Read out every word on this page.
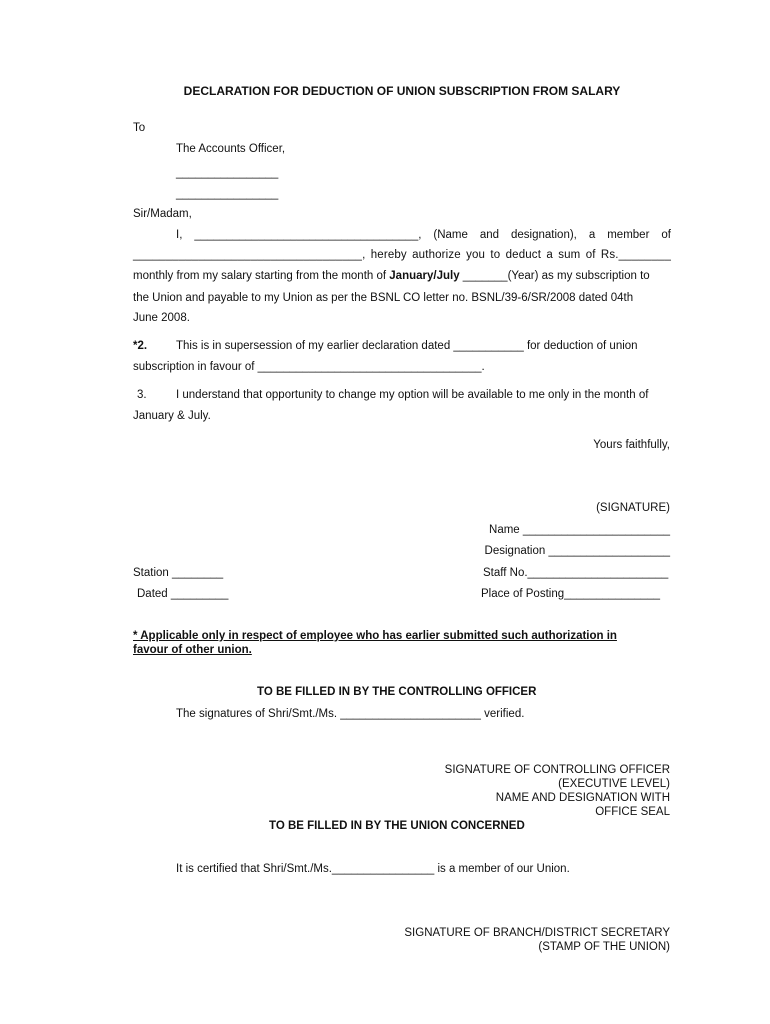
DECLARATION FOR DEDUCTION OF UNION SUBSCRIPTION FROM SALARY
To
The Accounts Officer,
________________
________________
Sir/Madam,
I, ___________________________________, (Name and designation), a member of
___________________________________, hereby authorize you to deduct a sum of Rs.________
monthly from my salary starting from the month of January/July _______(Year) as my subscription to
the Union and payable to my Union as per the BSNL CO letter no. BSNL/39-6/SR/2008 dated 04th
June 2008.
*2.	This is in supersession of my earlier declaration dated ___________ for deduction of union
subscription in favour of ___________________________________.
3.	I understand that opportunity to change my option will be available to me only in the month of
January & July.
Yours faithfully,
(SIGNATURE)
Name _______________________
Designation ___________________
Station ________	Staff No.______________________
Dated _________	Place of Posting_______________
* Applicable only in respect of employee who has earlier submitted such authorization in
favour of other union.
TO BE FILLED IN BY THE CONTROLLING OFFICER
The signatures of Shri/Smt./Ms. ______________________ verified.
SIGNATURE OF CONTROLLING OFFICER
(EXECUTIVE LEVEL)
NAME AND DESIGNATION WITH
OFFICE SEAL
TO BE FILLED IN BY THE UNION CONCERNED
It is certified that Shri/Smt./Ms.________________ is a member of our Union.
SIGNATURE OF BRANCH/DISTRICT SECRETARY
(STAMP OF THE UNION)
